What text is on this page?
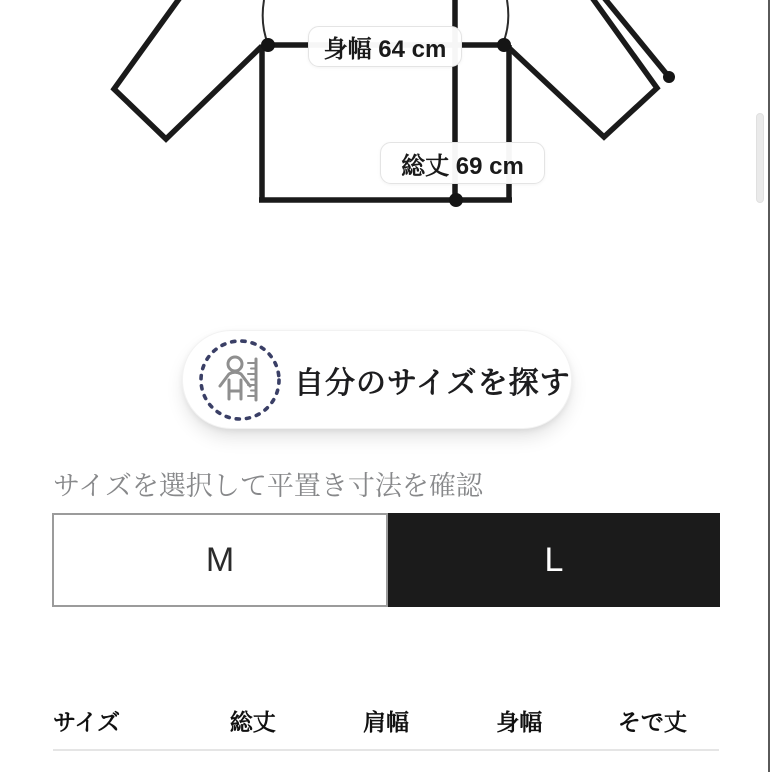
身幅 64 cm
総丈 69 cm
自分のサイズを探す
サイズを選択して平置き寸法を確認
M	L
サイズ	総丈	肩幅	身幅	そで丈
